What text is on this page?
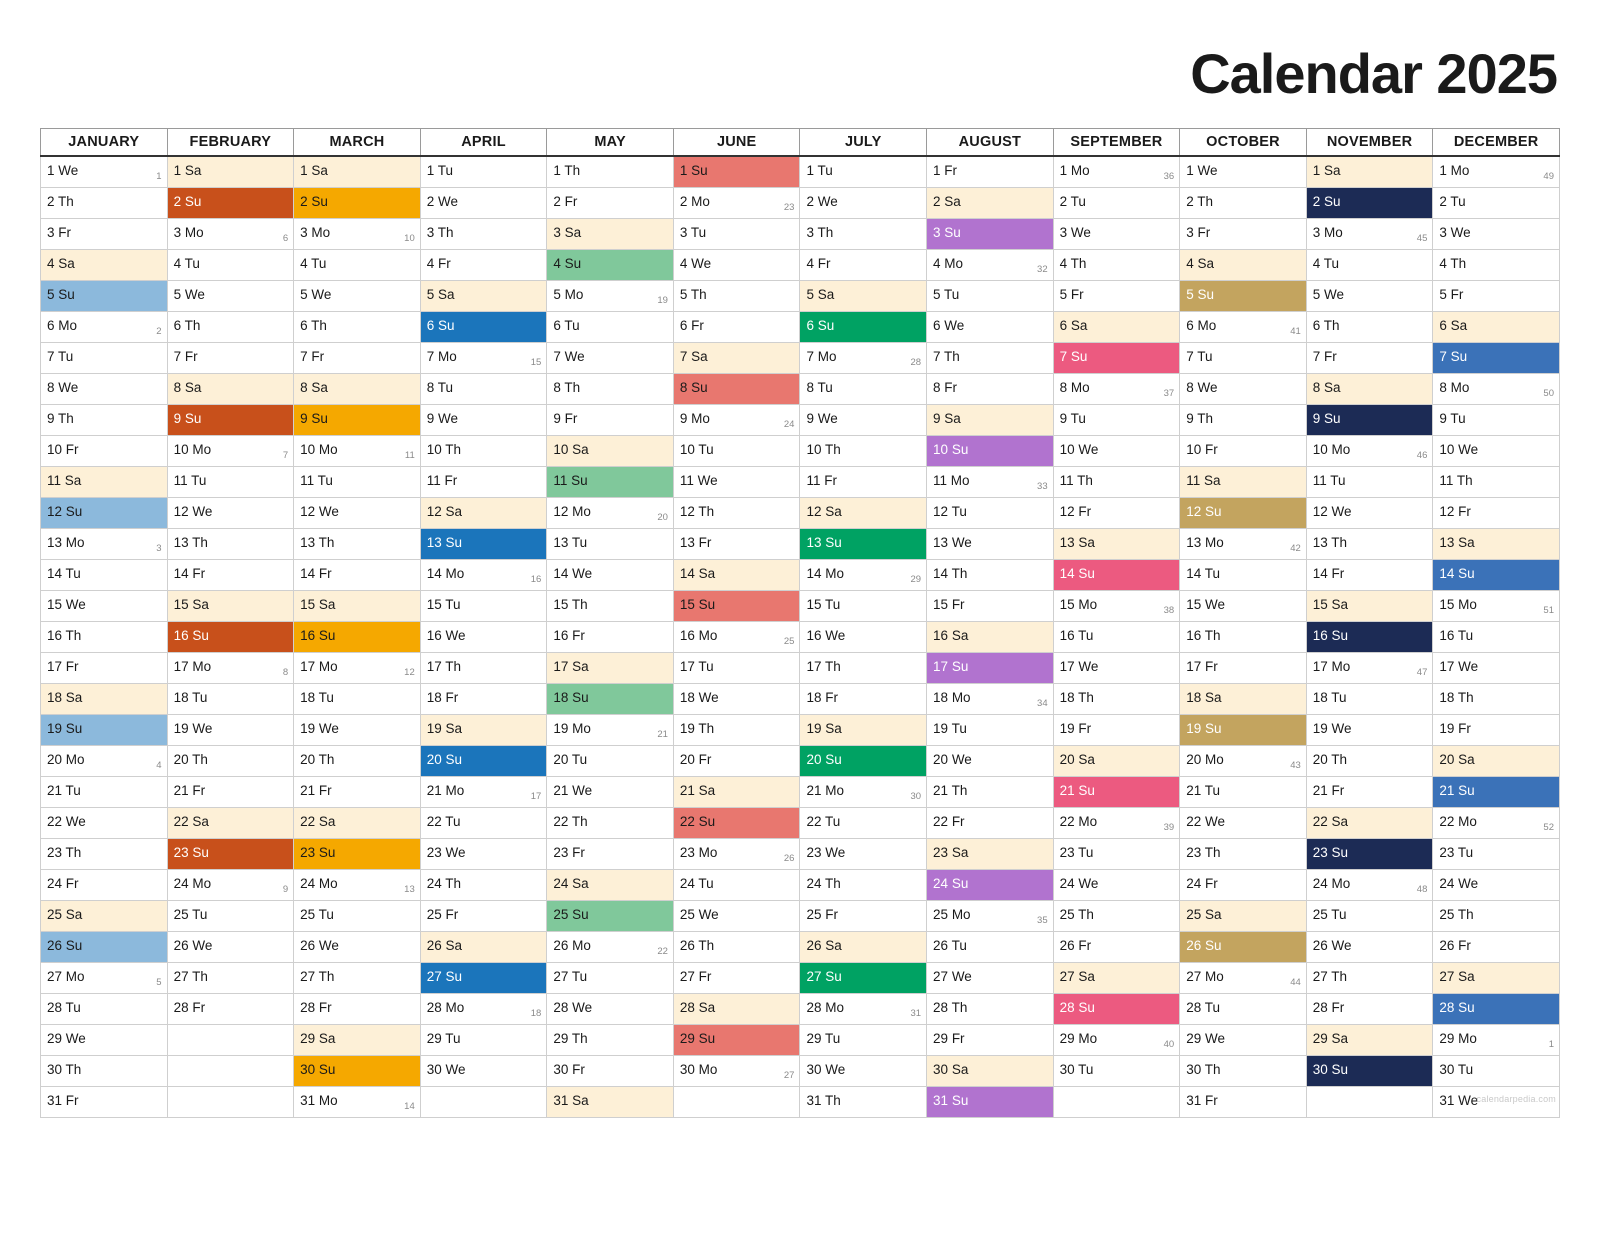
Calendar 2025
JANUARY	FEBRUARY	MARCH	APRIL	MAY	JUNE	JULY	AUGUST	SEPTEMBER	OCTOBER	NOVEMBER	DECEMBER

1 We 1	1 Sa	1 Sa	1 Tu	1 Th	1 Su	1 Tu	1 Fr	1 Mo 36	1 We	1 Sa	1 Mo 49

2 Th	2 Su	2 Su	2 We	2 Fr	2 Mo 23	2 We	2 Sa	2 Tu	2 Th	2 Su	2 Tu

3 Fr	3 Mo 6	3 Mo 10	3 Th	3 Sa	3 Tu	3 Th	3 Su	3 We	3 Fr	3 Mo 45	3 We

4 Sa	4 Tu	4 Tu	4 Fr	4 Su	4 We	4 Fr	4 Mo 32	4 Th	4 Sa	4 Tu	4 Th

5 Su	5 We	5 We	5 Sa	5 Mo 19	5 Th	5 Sa	5 Tu	5 Fr	5 Su	5 We	5 Fr

6 Mo 2	6 Th	6 Th	6 Su	6 Tu	6 Fr	6 Su	6 We	6 Sa	6 Mo 41	6 Th	6 Sa

7 Tu	7 Fr	7 Fr	7 Mo 15	7 We	7 Sa	7 Mo 28	7 Th	7 Su	7 Tu	7 Fr	7 Su

8 We	8 Sa	8 Sa	8 Tu	8 Th	8 Su	8 Tu	8 Fr	8 Mo 37	8 We	8 Sa	8 Mo 50

9 Th	9 Su	9 Su	9 We	9 Fr	9 Mo 24	9 We	9 Sa	9 Tu	9 Th	9 Su	9 Tu

10 Fr	10 Mo 7	10 Mo 11	10 Th	10 Sa	10 Tu	10 Th	10 Su	10 We	10 Fr	10 Mo 46	10 We

11 Sa	11 Tu	11 Tu	11 Fr	11 Su	11 We	11 Fr	11 Mo 33	11 Th	11 Sa	11 Tu	11 Th

12 Su	12 We	12 We	12 Sa	12 Mo 20	12 Th	12 Sa	12 Tu	12 Fr	12 Su	12 We	12 Fr

13 Mo 3	13 Th	13 Th	13 Su	13 Tu	13 Fr	13 Su	13 We	13 Sa	13 Mo 42	13 Th	13 Sa

14 Tu	14 Fr	14 Fr	14 Mo 16	14 We	14 Sa	14 Mo 29	14 Th	14 Su	14 Tu	14 Fr	14 Su

15 We	15 Sa	15 Sa	15 Tu	15 Th	15 Su	15 Tu	15 Fr	15 Mo 38	15 We	15 Sa	15 Mo 51

16 Th	16 Su	16 Su	16 We	16 Fr	16 Mo 25	16 We	16 Sa	16 Tu	16 Th	16 Su	16 Tu

17 Fr	17 Mo 8	17 Mo 12	17 Th	17 Sa	17 Tu	17 Th	17 Su	17 We	17 Fr	17 Mo 47	17 We

18 Sa	18 Tu	18 Tu	18 Fr	18 Su	18 We	18 Fr	18 Mo 34	18 Th	18 Sa	18 Tu	18 Th

19 Su	19 We	19 We	19 Sa	19 Mo 21	19 Th	19 Sa	19 Tu	19 Fr	19 Su	19 We	19 Fr

20 Mo 4	20 Th	20 Th	20 Su	20 Tu	20 Fr	20 Su	20 We	20 Sa	20 Mo 43	20 Th	20 Sa

21 Tu	21 Fr	21 Fr	21 Mo 17	21 We	21 Sa	21 Mo 30	21 Th	21 Su	21 Tu	21 Fr	21 Su

22 We	22 Sa	22 Sa	22 Tu	22 Th	22 Su	22 Tu	22 Fr	22 Mo 39	22 We	22 Sa	22 Mo 52

23 Th	23 Su	23 Su	23 We	23 Fr	23 Mo 26	23 We	23 Sa	23 Tu	23 Th	23 Su	23 Tu

24 Fr	24 Mo 9	24 Mo 13	24 Th	24 Sa	24 Tu	24 Th	24 Su	24 We	24 Fr	24 Mo 48	24 We

25 Sa	25 Tu	25 Tu	25 Fr	25 Su	25 We	25 Fr	25 Mo 35	25 Th	25 Sa	25 Tu	25 Th

26 Su	26 We	26 We	26 Sa	26 Mo 22	26 Th	26 Sa	26 Tu	26 Fr	26 Su	26 We	26 Fr

27 Mo 5	27 Th	27 Th	27 Su	27 Tu	27 Fr	27 Su	27 We	27 Sa	27 Mo 44	27 Th	27 Sa

28 Tu	28 Fr	28 Fr	28 Mo 18	28 We	28 Sa	28 Mo 31	28 Th	28 Su	28 Tu	28 Fr	28 Su

29 We		29 Sa	29 Tu	29 Th	29 Su	29 Tu	29 Fr	29 Mo 40	29 We	29 Sa	29 Mo 1

30 Th		30 Su	30 We	30 Fr	30 Mo 27	30 We	30 Sa	30 Tu	30 Th	30 Su	30 Tu

31 Fr		31 Mo 14		31 Sa		31 Th	31 Su		31 Fr		31 We
calendarpedia.com
